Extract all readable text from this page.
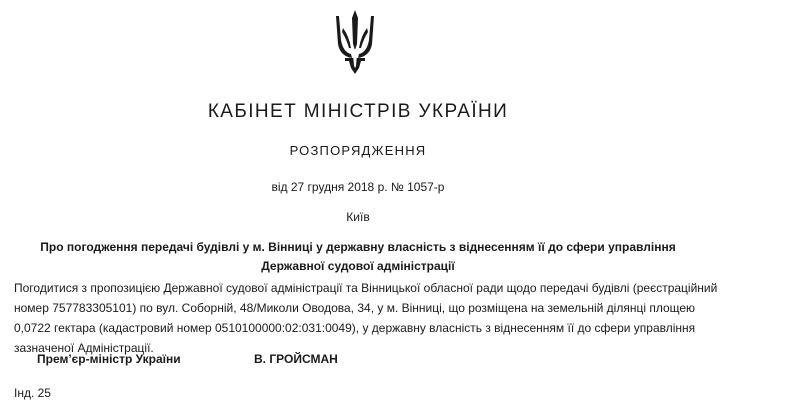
КАБІНЕТ МІНІСТРІВ УКРАЇНИ
РОЗПОРЯДЖЕННЯ
від 27 грудня 2018 р. № 1057-р
Київ
Про погодження передачі будівлі у м. Вінниці у державну власність з віднесенням її до сфери управління
Державної судової адміністрації
Погодитися з пропозицією Державної судової адміністрації та Вінницької обласної ради щодо передачі будівлі (реєстраційний номер 757783305101) по вул. Соборній, 48/Миколи Оводова, 34, у м. Вінниці, що розміщена на земельній ділянці площею 0,0722 гектара (кадастровий номер 0510100000:02:031:0049), у державну власність з віднесенням її до сфери управління зазначеної Адміністрації.
Прем’єр-міністр України	В. ГРОЙСМАН
Інд. 25
